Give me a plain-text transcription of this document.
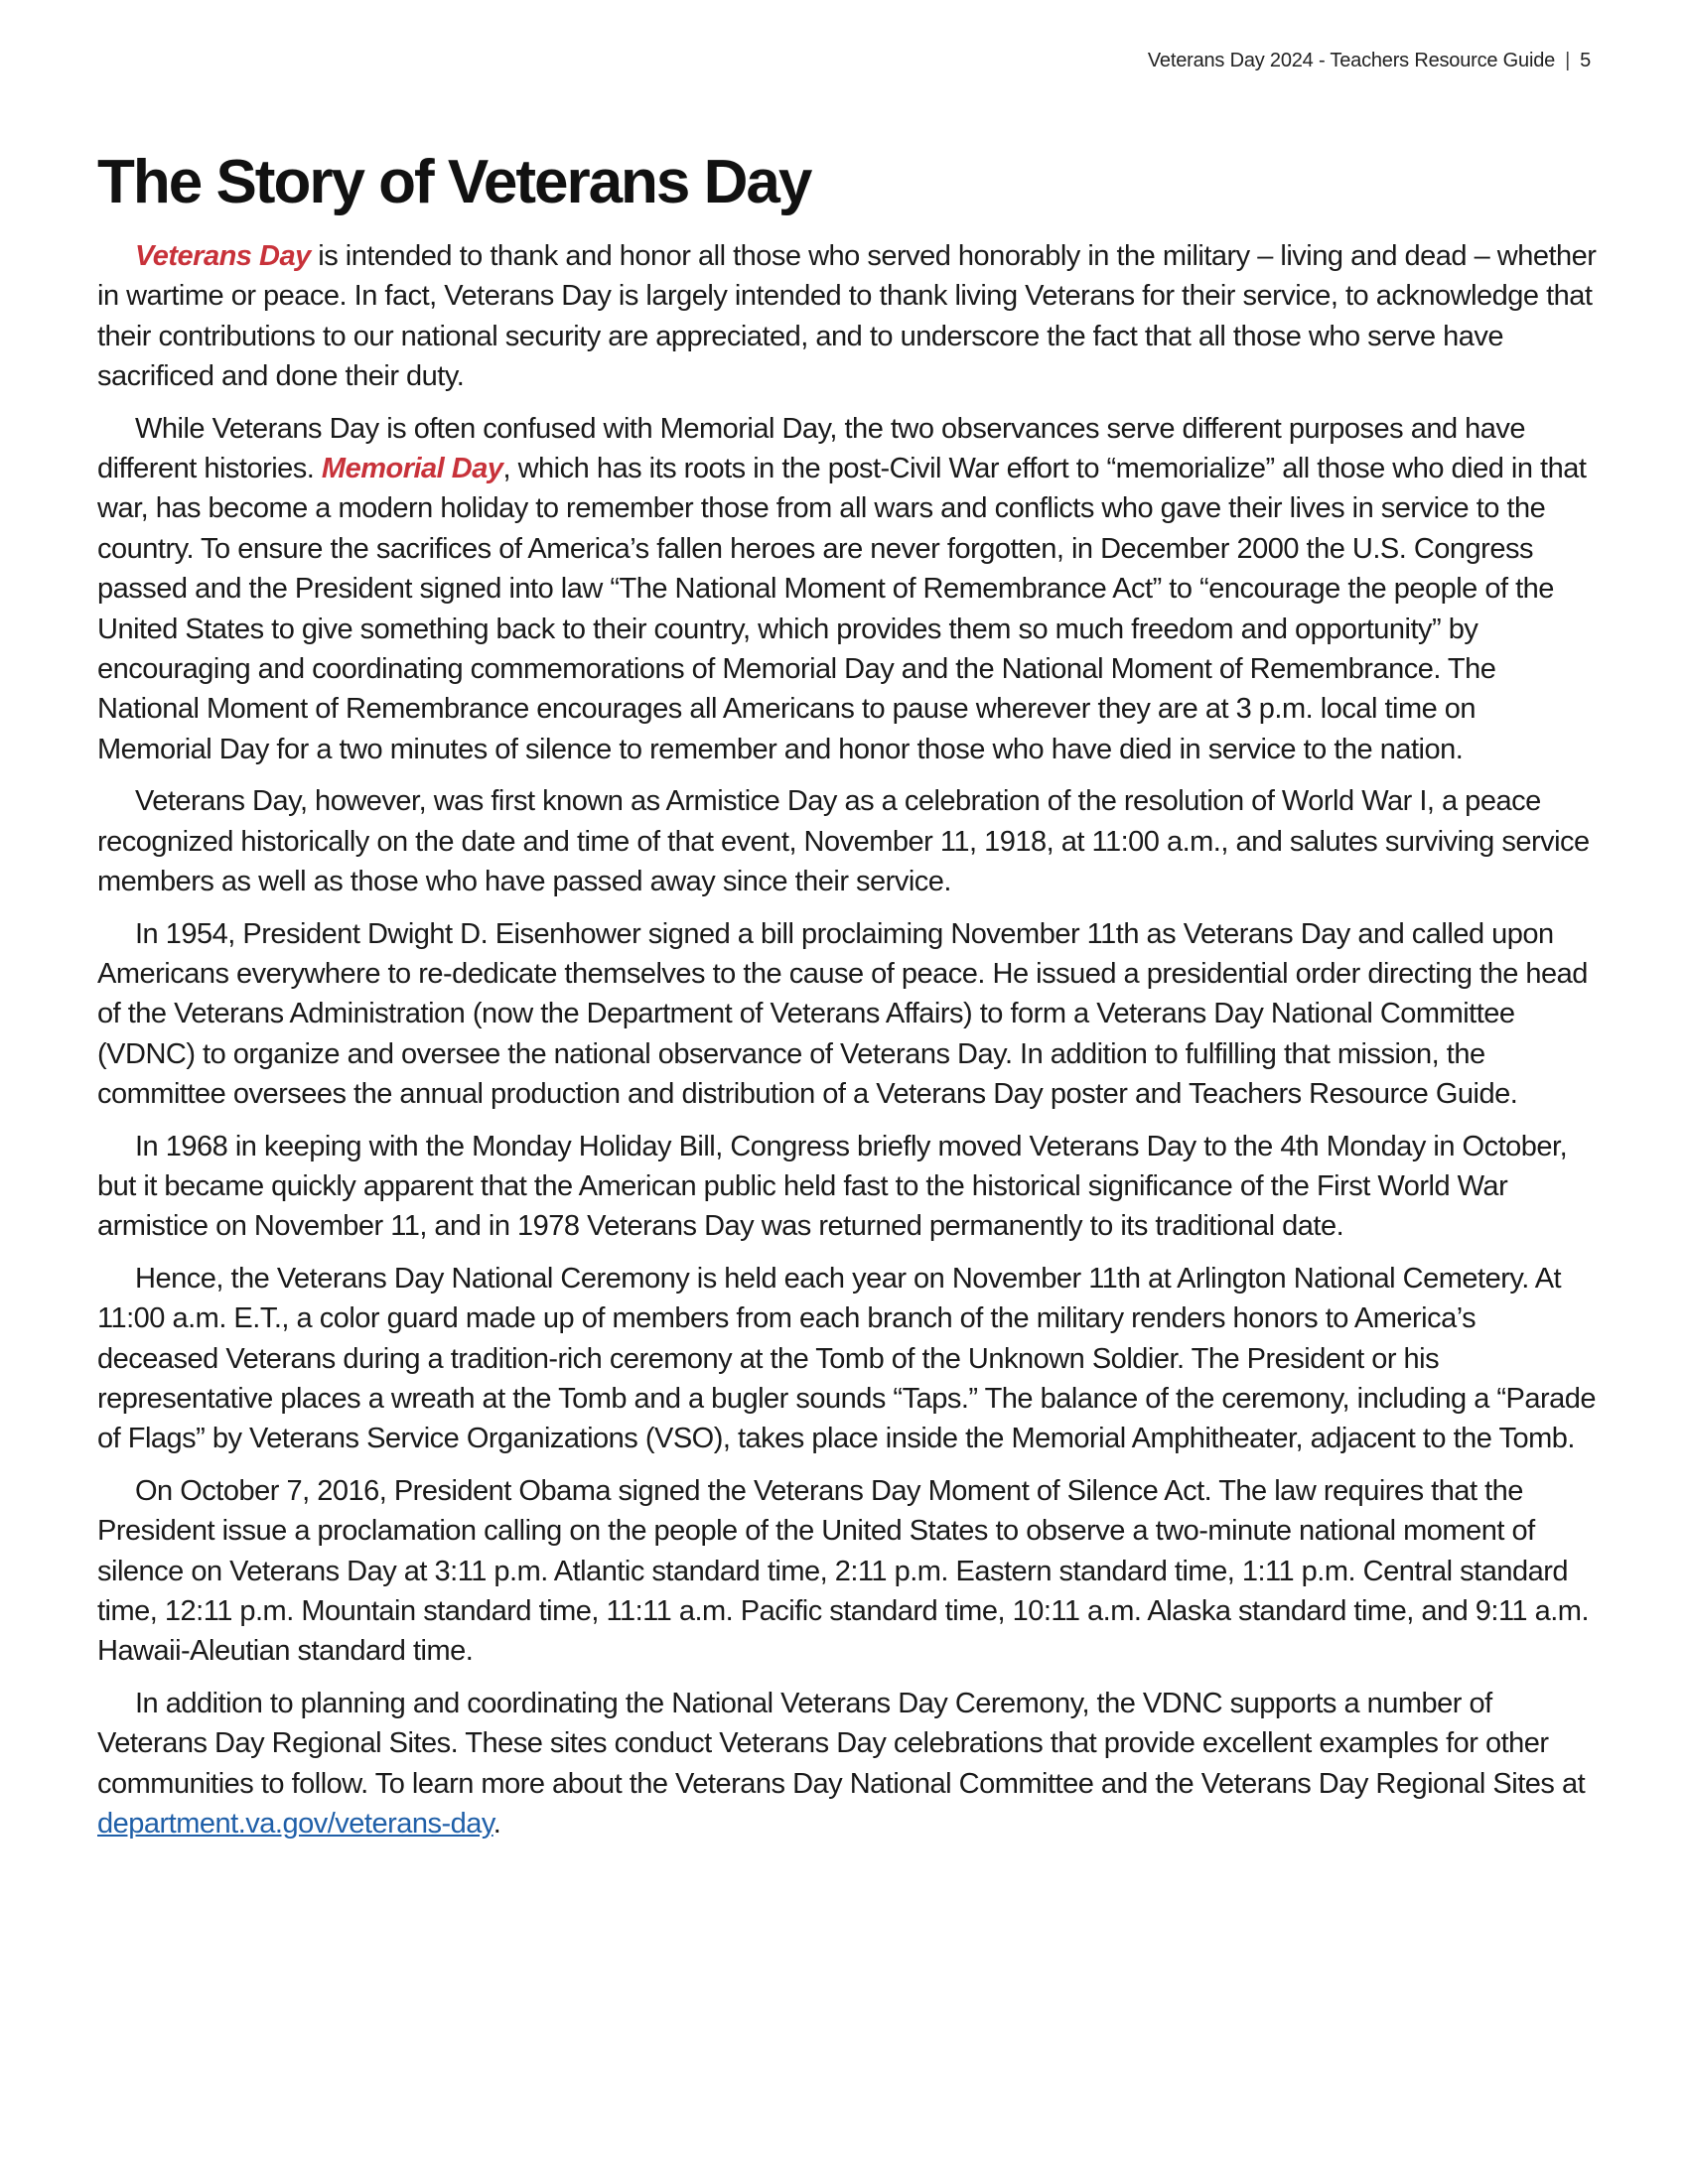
Veterans Day 2024 - Teachers Resource Guide | 5
The Story of Veterans Day

Veterans Day is intended to thank and honor all those who served honorably in the military – living and dead – whether in wartime or peace. In fact, Veterans Day is largely intended to thank living Veterans for their service, to acknowledge that their contributions to our national security are appreciated, and to underscore the fact that all those who serve have sacrificed and done their duty.

While Veterans Day is often confused with Memorial Day, the two observances serve different purposes and have different histories. Memorial Day, which has its roots in the post-Civil War effort to “memorialize” all those who died in that war, has become a modern holiday to remember those from all wars and conflicts who gave their lives in service to the country. To ensure the sacrifices of America’s fallen heroes are never forgotten, in December 2000 the U.S. Congress passed and the President signed into law “The National Moment of Remembrance Act” to “encourage the people of the United States to give something back to their country, which provides them so much freedom and opportunity” by encouraging and coordinating commemorations of Memorial Day and the National Moment of Remembrance. The National Moment of Remembrance encourages all Americans to pause wherever they are at 3 p.m. local time on Memorial Day for a two minutes of silence to remember and honor those who have died in service to the nation.

Veterans Day, however, was first known as Armistice Day as a celebration of the resolution of World War I, a peace recognized historically on the date and time of that event, November 11, 1918, at 11:00 a.m., and salutes surviving service members as well as those who have passed away since their service.

In 1954, President Dwight D. Eisenhower signed a bill proclaiming November 11th as Veterans Day and called upon Americans everywhere to re-dedicate themselves to the cause of peace. He issued a presidential order directing the head of the Veterans Administration (now the Department of Veterans Affairs) to form a Veterans Day National Committee (VDNC) to organize and oversee the national observance of Veterans Day. In addition to fulfilling that mission, the committee oversees the annual production and distribution of a Veterans Day poster and Teachers Resource Guide.

In 1968 in keeping with the Monday Holiday Bill, Congress briefly moved Veterans Day to the 4th Monday in October, but it became quickly apparent that the American public held fast to the historical significance of the First World War armistice on November 11, and in 1978 Veterans Day was returned permanently to its traditional date.

Hence, the Veterans Day National Ceremony is held each year on November 11th at Arlington National Cemetery. At 11:00 a.m. E.T., a color guard made up of members from each branch of the military renders honors to America’s deceased Veterans during a tradition-rich ceremony at the Tomb of the Unknown Soldier. The President or his representative places a wreath at the Tomb and a bugler sounds “Taps.” The balance of the ceremony, including a “Parade of Flags” by Veterans Service Organizations (VSO), takes place inside the Memorial Amphitheater, adjacent to the Tomb.

On October 7, 2016, President Obama signed the Veterans Day Moment of Silence Act. The law requires that the President issue a proclamation calling on the people of the United States to observe a two-minute national moment of silence on Veterans Day at 3:11 p.m. Atlantic standard time, 2:11 p.m. Eastern standard time, 1:11 p.m. Central standard time, 12:11 p.m. Mountain standard time, 11:11 a.m. Pacific standard time, 10:11 a.m. Alaska standard time, and 9:11 a.m. Hawaii-Aleutian standard time.

In addition to planning and coordinating the National Veterans Day Ceremony, the VDNC supports a number of Veterans Day Regional Sites. These sites conduct Veterans Day celebrations that provide excellent examples for other communities to follow. To learn more about the Veterans Day National Committee and the Veterans Day Regional Sites at department.va.gov/veterans-day.
